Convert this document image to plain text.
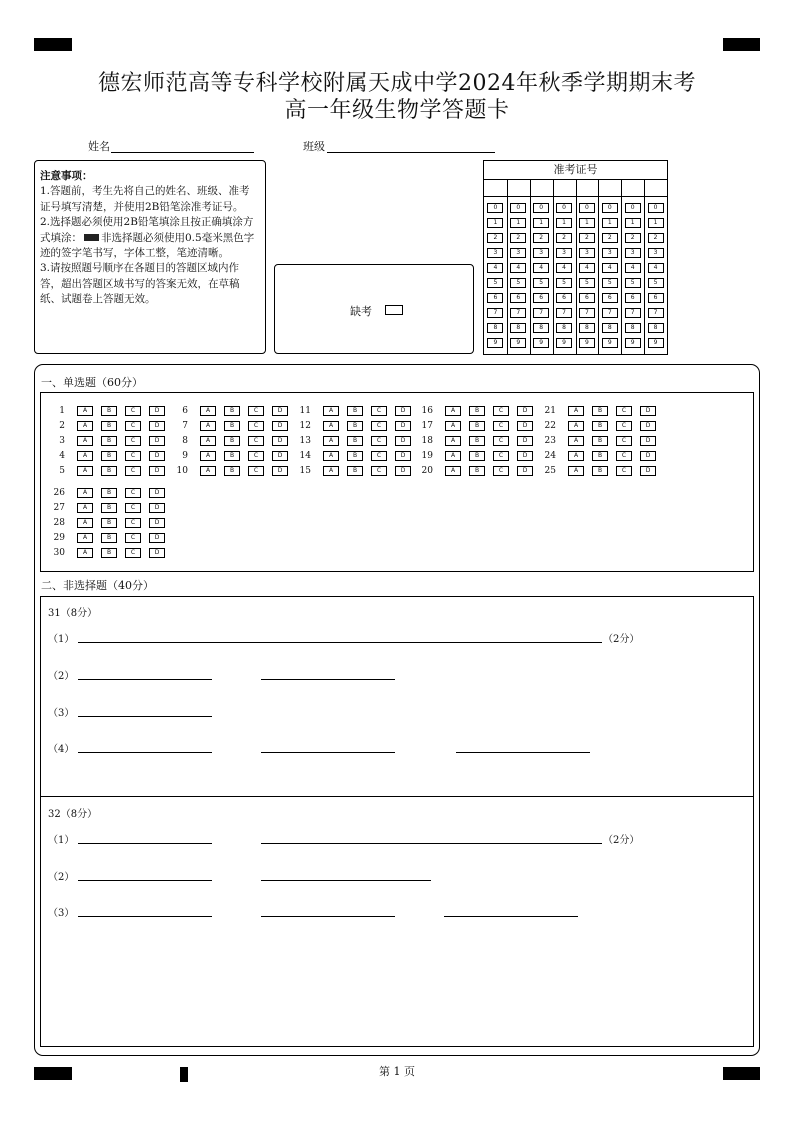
德宏师范高等专科学校附属天成中学2024年秋季学期期末考
高一年级生物学答题卡
姓名	班级
注意事项：
1.答题前，考生先将自己的姓名、班级、准考证号填写清楚，并使用2B铅笔涂准考证号。
2.选择题必须使用2B铅笔填涂且按正确填涂方式填涂： 非选择题必须使用0.5毫米黑色字迹的签字笔书写，字体工整，笔迹清晰。
3.请按照题号顺序在各题目的答题区域内作答，超出答题区域书写的答案无效，在草稿纸、试题卷上答题无效。
缺考
准考证号
0	0	0	0	0	0	0	0
1	1	1	1	1	1	1	1
2	2	2	2	2	2	2	2
3	3	3	3	3	3	3	3
4	4	4	4	4	4	4	4
5	5	5	5	5	5	5	5
6	6	6	6	6	6	6	6
7	7	7	7	7	7	7	7
8	8	8	8	8	8	8	8
9	9	9	9	9	9	9	9
一、单选题（60分）
1	A	B	C	D
2	A	B	C	D
3	A	B	C	D
4	A	B	C	D
5	A	B	C	D
6	A	B	C	D
7	A	B	C	D
8	A	B	C	D
9	A	B	C	D
10	A	B	C	D
11	A	B	C	D
12	A	B	C	D
13	A	B	C	D
14	A	B	C	D
15	A	B	C	D
16	A	B	C	D
17	A	B	C	D
18	A	B	C	D
19	A	B	C	D
20	A	B	C	D
21	A	B	C	D
22	A	B	C	D
23	A	B	C	D
24	A	B	C	D
25	A	B	C	D
26	A	B	C	D
27	A	B	C	D
28	A	B	C	D
29	A	B	C	D
30	A	B	C	D
二、非选择题（40分）
31（8分）
（1）	（2分）
（2）
（3）
（4）
32（8分）
（1）	（2分）
（2）
（3）
第 1 页
